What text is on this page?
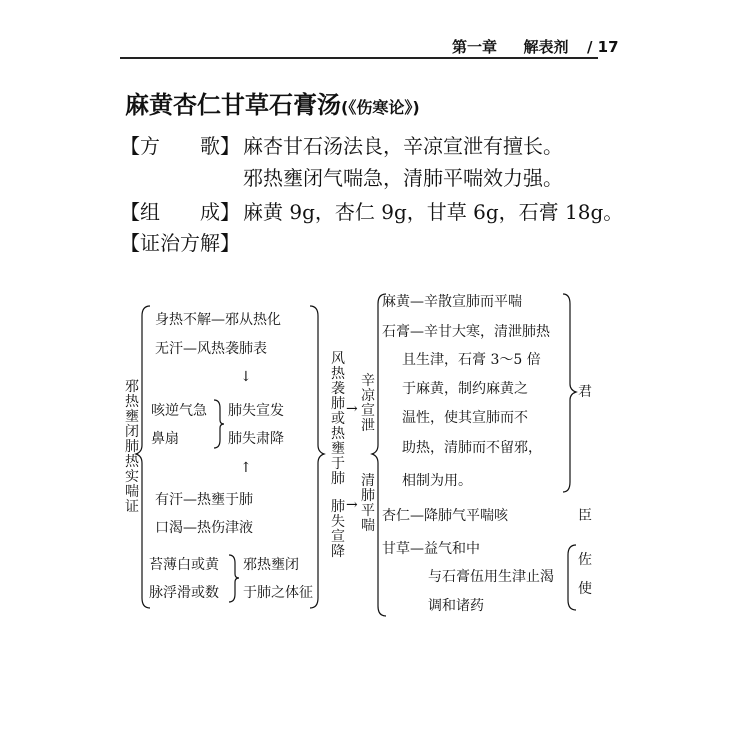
第一章 解表剂 / 17
麻黄杏仁甘草石膏汤(《伤寒论》)
【方　　歌】 麻杏甘石汤法良，辛凉宣泄有擅长。
邪热壅闭气喘急，清肺平喘效力强。
【组　　成】 麻黄 9g，杏仁 9g，甘草 6g，石膏 18g。
【证治方解】
邪热壅闭肺热实喘证
身热不解—邪从热化
无汗—风热袭肺表
↓
咳逆气急
鼻扇
肺失宣发
肺失肃降
↑
有汗—热壅于肺
口渴—热伤津液
苔薄白或黄
脉浮滑或数
邪热壅闭
于肺之体征
风热袭肺或热壅于肺
肺失宣降
→
→
辛凉宣泄
清肺平喘
麻黄—辛散宣肺而平喘
石膏—辛甘大寒，清泄肺热
且生津，石膏 3～5 倍
于麻黄，制约麻黄之
温性，使其宣肺而不
助热，清肺而不留邪，
相制为用。
杏仁—降肺气平喘咳
甘草—益气和中
与石膏伍用生津止渴
调和诸药
君
臣
佐
使
